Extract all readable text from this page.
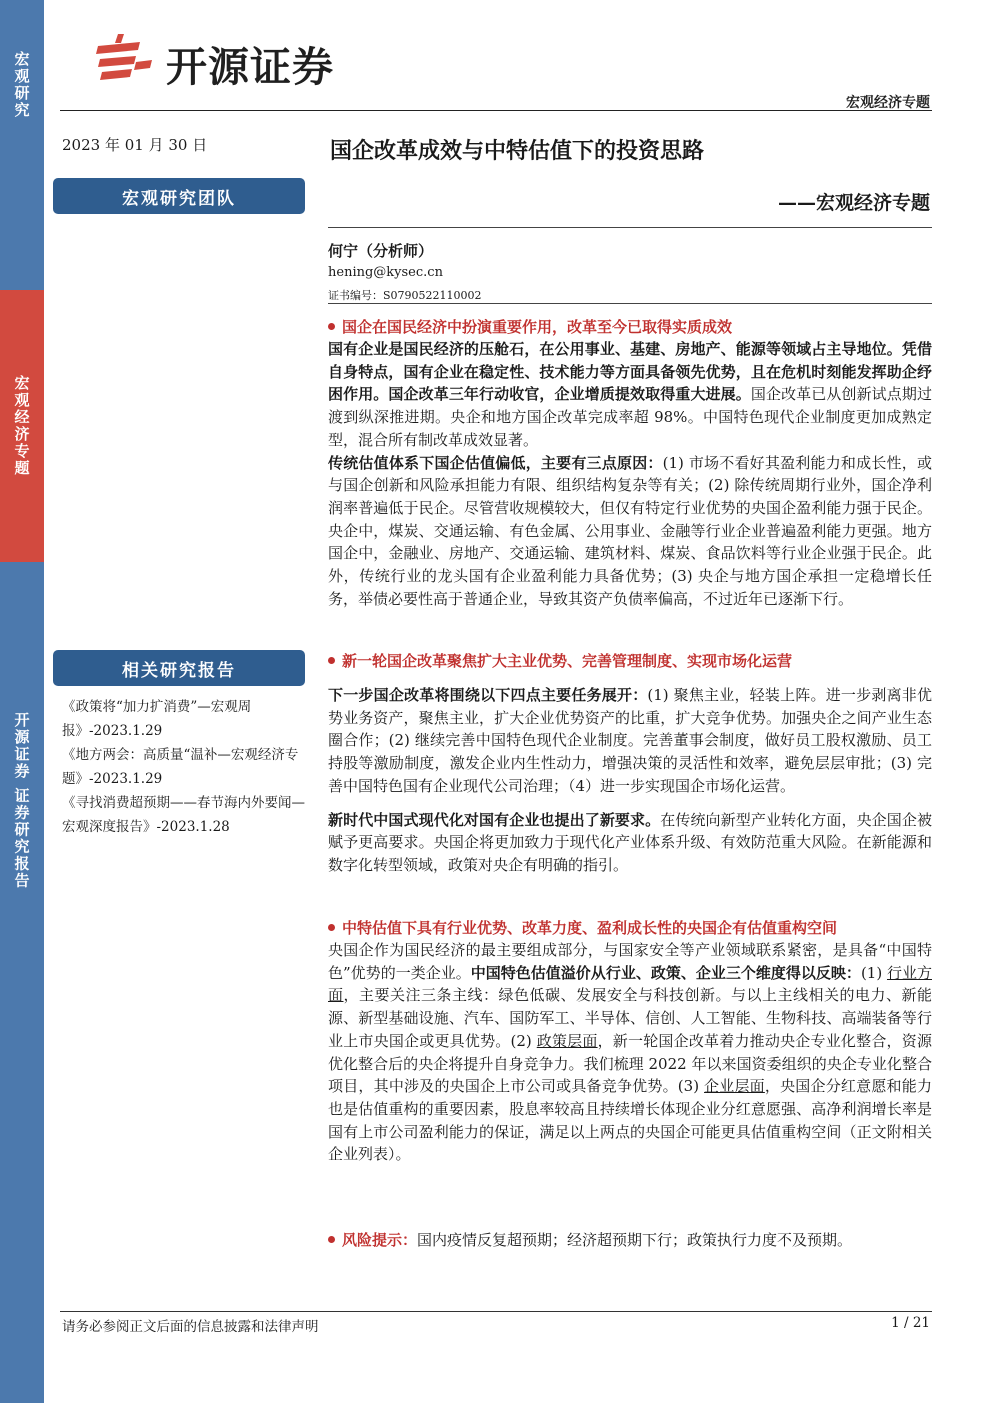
宏观研究
宏观经济专题
开源证券 证券研究报告
开源证券
宏观经济专题
2023 年 01 月 30 日	国企改革成效与中特估值下的投资思路
——宏观经济专题
宏观研究团队
何宁（分析师）
hening@kysec.cn
证书编号：S0790522110002
相关研究报告
《政策将“加力扩消费”—宏观周报》-2023.1.29
《地方两会：高质量“温补—宏观经济专题》-2023.1.29
《寻找消费超预期——春节海内外要闻—宏观深度报告》-2023.1.28
国企在国民经济中扮演重要作用，改革至今已取得实质成效

国有企业是国民经济的压舱石，在公用事业、基建、房地产、能源等领域占主导地位。凭借自身特点，国有企业在稳定性、技术能力等方面具备领先优势，且在危机时刻能发挥助企纾困作用。国企改革三年行动收官，企业增质提效取得重大进展。国企改革已从创新试点期过渡到纵深推进期。央企和地方国企改革完成率超 98%。中国特色现代企业制度更加成熟定型，混合所有制改革成效显著。

传统估值体系下国企估值偏低，主要有三点原因：(1) 市场不看好其盈利能力和成长性，或与国企创新和风险承担能力有限、组织结构复杂等有关；(2) 除传统周期行业外，国企净利润率普遍低于民企。尽管营收规模较大，但仅有特定行业优势的央国企盈利能力强于民企。央企中，煤炭、交通运输、有色金属、公用事业、金融等行业企业普遍盈利能力更强。地方国企中，金融业、房地产、交通运输、建筑材料、煤炭、食品饮料等行业企业强于民企。此外，传统行业的龙头国有企业盈利能力具备优势；(3) 央企与地方国企承担一定稳增长任务，举债必要性高于普通企业，导致其资产负债率偏高，不过近年已逐渐下行。

新一轮国企改革聚焦扩大主业优势、完善管理制度、实现市场化运营

下一步国企改革将围绕以下四点主要任务展开：(1) 聚焦主业，轻装上阵。进一步剥离非优势业务资产，聚焦主业，扩大企业优势资产的比重，扩大竞争优势。加强央企之间产业生态圈合作；(2) 继续完善中国特色现代企业制度。完善董事会制度，做好员工股权激励、员工持股等激励制度，激发企业内生性动力，增强决策的灵活性和效率，避免层层审批；(3) 完善中国特色国有企业现代公司治理；（4）进一步实现国企市场化运营。

新时代中国式现代化对国有企业也提出了新要求。在传统向新型产业转化方面，央企国企被赋予更高要求。央国企将更加致力于现代化产业体系升级、有效防范重大风险。在新能源和数字化转型领域，政策对央企有明确的指引。

中特估值下具有行业优势、改革力度、盈利成长性的央国企有估值重构空间

央国企作为国民经济的最主要组成部分，与国家安全等产业领域联系紧密，是具备“中国特色”优势的一类企业。中国特色估值溢价从行业、政策、企业三个维度得以反映：(1) 行业方面，主要关注三条主线：绿色低碳、发展安全与科技创新。与以上主线相关的电力、新能源、新型基础设施、汽车、国防军工、半导体、信创、人工智能、生物科技、高端装备等行业上市央国企或更具优势。(2) 政策层面，新一轮国企改革着力推动央企专业化整合，资源优化整合后的央企将提升自身竞争力。我们梳理 2022 年以来国资委组织的央企专业化整合项目，其中涉及的央国企上市公司或具备竞争优势。(3) 企业层面，央国企分红意愿和能力也是估值重构的重要因素，股息率较高且持续增长体现企业分红意愿强、高净利润增长率是国有上市公司盈利能力的保证，满足以上两点的央国企可能更具估值重构空间（正文附相关企业列表）。

风险提示：国内疫情反复超预期；经济超预期下行；政策执行力度不及预期。

请务必参阅正文后面的信息披露和法律声明	1 / 21
